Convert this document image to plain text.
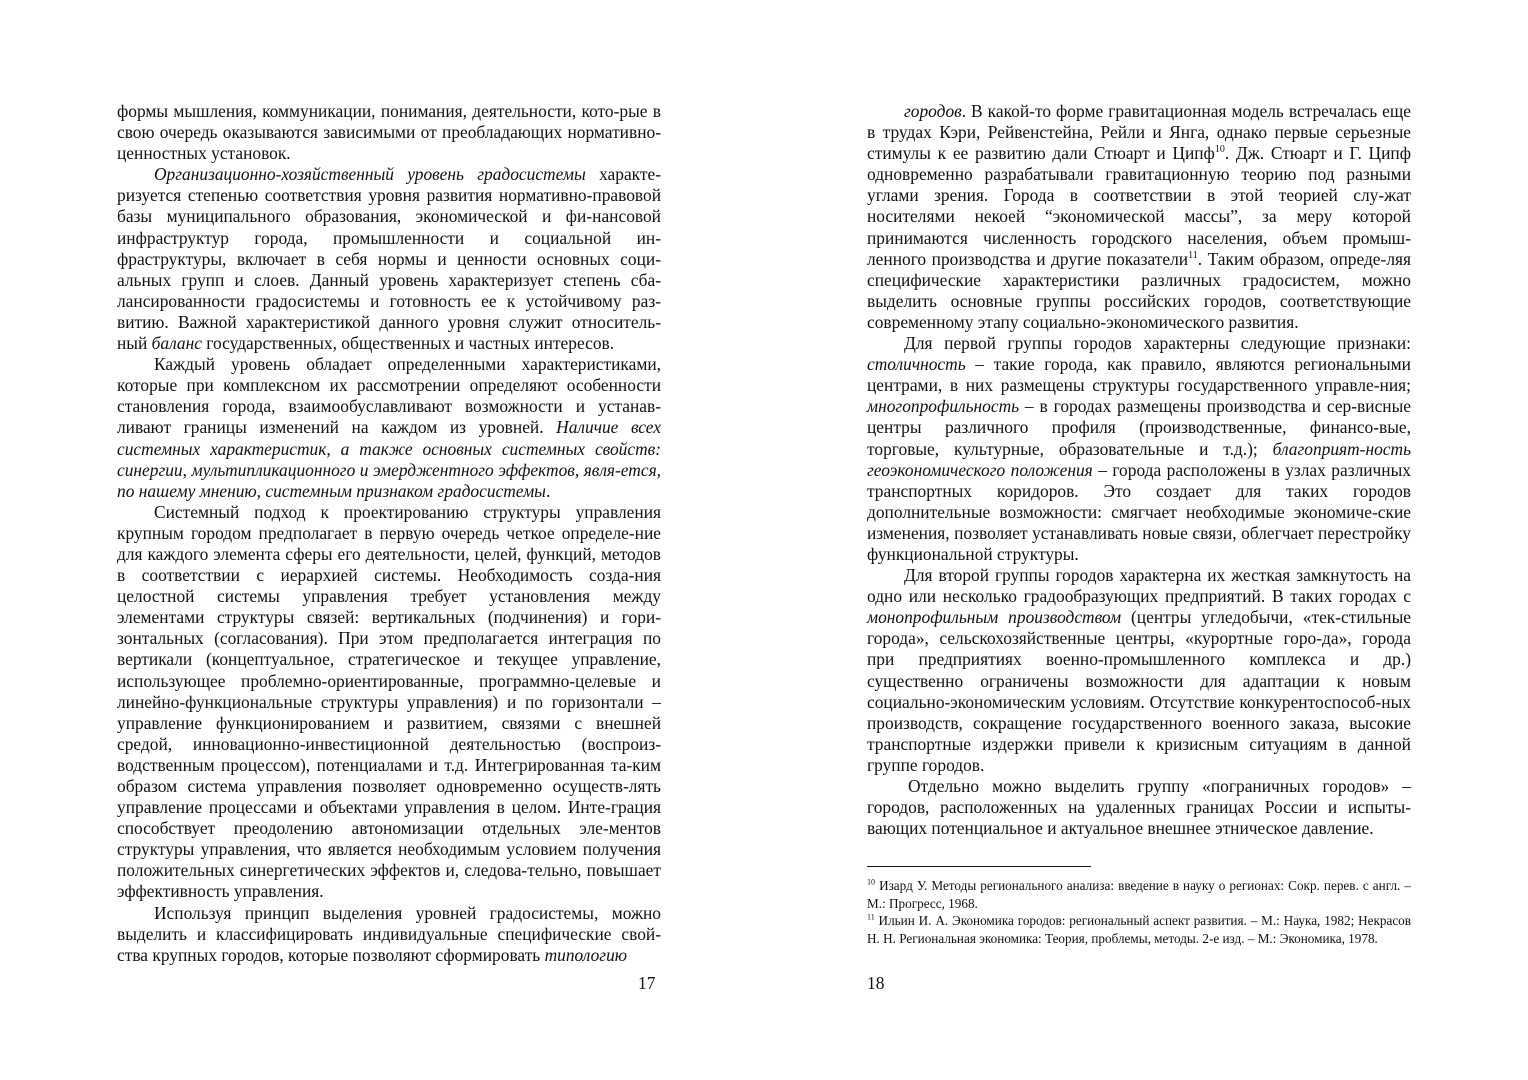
формы мышления, коммуникации, понимания, деятельности, кото-рые в свою очередь оказываются зависимыми от преобладающих нормативно-ценностных установок.

Организационно-хозяйственный уровень градосистемы характе-ризуется степенью соответствия уровня развития нормативно-правовой базы муниципального образования, экономической и фи-нансовой инфраструктур города, промышленности и социальной ин-фраструктуры, включает в себя нормы и ценности основных соци-альных групп и слоев. Данный уровень характеризует степень сба-лансированности градосистемы и готовность ее к устойчивому раз-витию. Важной характеристикой данного уровня служит относитель-ный баланс государственных, общественных и частных интересов.

Каждый уровень обладает определенными характеристиками, которые при комплексном их рассмотрении определяют особенности становления города, взаимообуславливают возможности и устанав-ливают границы изменений на каждом из уровней. Наличие всех системных характеристик, а также основных системных свойств: синергии, мультипликационного и эмерджентного эффектов, явля-ется, по нашему мнению, системным признаком градосистемы.

Системный подход к проектированию структуры управления крупным городом предполагает в первую очередь четкое определе-ние для каждого элемента сферы его деятельности, целей, функций, методов в соответствии с иерархией системы. Необходимость созда-ния целостной системы управления требует установления между элементами структуры связей: вертикальных (подчинения) и гори-зонтальных (согласования). При этом предполагается интеграция по вертикали (концептуальное, стратегическое и текущее управление, использующее проблемно-ориентированные, программно-целевые и линейно-функциональные структуры управления) и по горизонтали – управление функционированием и развитием, связями с внешней средой, инновационно-инвестиционной деятельностью (воспроиз-водственным процессом), потенциалами и т.д. Интегрированная та-ким образом система управления позволяет одновременно осуществ-лять управление процессами и объектами управления в целом. Инте-грация способствует преодолению автономизации отдельных эле-ментов структуры управления, что является необходимым условием получения положительных синергетических эффектов и, следова-тельно, повышает эффективность управления.

Используя принцип выделения уровней градосистемы, можно выделить и классифицировать индивидуальные специфические свой-ства крупных городов, которые позволяют сформировать типологию

17

городов. В какой-то форме гравитационная модель встречалась еще в трудах Кэри, Рейвенстейна, Рейли и Янга, однако первые серьезные стимулы к ее развитию дали Стюарт и Ципф$^{10}$. Дж. Стюарт и Г. Ципф одновременно разрабатывали гравитационную теорию под разными углами зрения. Города в соответствии в этой теорией слу-жат носителями некоей “экономической массы”, за меру которой принимаются численность городского населения, объем промыш-ленного производства и другие показатели$^{11}$. Таким образом, опреде-ляя специфические характеристики различных градосистем, можно выделить основные группы российских городов, соответствующие современному этапу социально-экономического развития.

Для первой группы городов характерны следующие признаки: столичность – такие города, как правило, являются региональными центрами, в них размещены структуры государственного управле-ния; многопрофильность – в городах размещены производства и сер-висные центры различного профиля (производственные, финансо-вые, торговые, культурные, образовательные и т.д.); благоприят-ность геоэкономического положения – города расположены в узлах различных транспортных коридоров. Это создает для таких городов дополнительные возможности: смягчает необходимые экономиче-ские изменения, позволяет устанавливать новые связи, облегчает перестройку функциональной структуры.

Для второй группы городов характерна их жесткая замкнутость на одно или несколько градообразующих предприятий. В таких городах с монопрофильным производством (центры угледобычи, «тек-стильные города», сельскохозяйственные центры, «курортные горо-да», города при предприятиях военно-промышленного комплекса и др.) существенно ограничены возможности для адаптации к новым социально-экономическим условиям. Отсутствие конкурентоспособ-ных производств, сокращение государственного военного заказа, высокие транспортные издержки привели к кризисным ситуациям в данной группе городов.

Отдельно можно выделить группу «пограничных городов» – городов, расположенных на удаленных границах России и испыты-вающих потенциальное и актуальное внешнее этническое давление.

$^{10}$ Изард У. Методы регионального анализа: введение в науку о регионах: Сокр. перев. с англ. – М.: Прогресс, 1968.

$^{11}$ Ильин И. А. Экономика городов: региональный аспект развития. – М.: Наука, 1982; Некрасов Н. Н. Региональная экономика: Теория, проблемы, методы. 2-е изд. – М.: Экономика, 1978.

18
